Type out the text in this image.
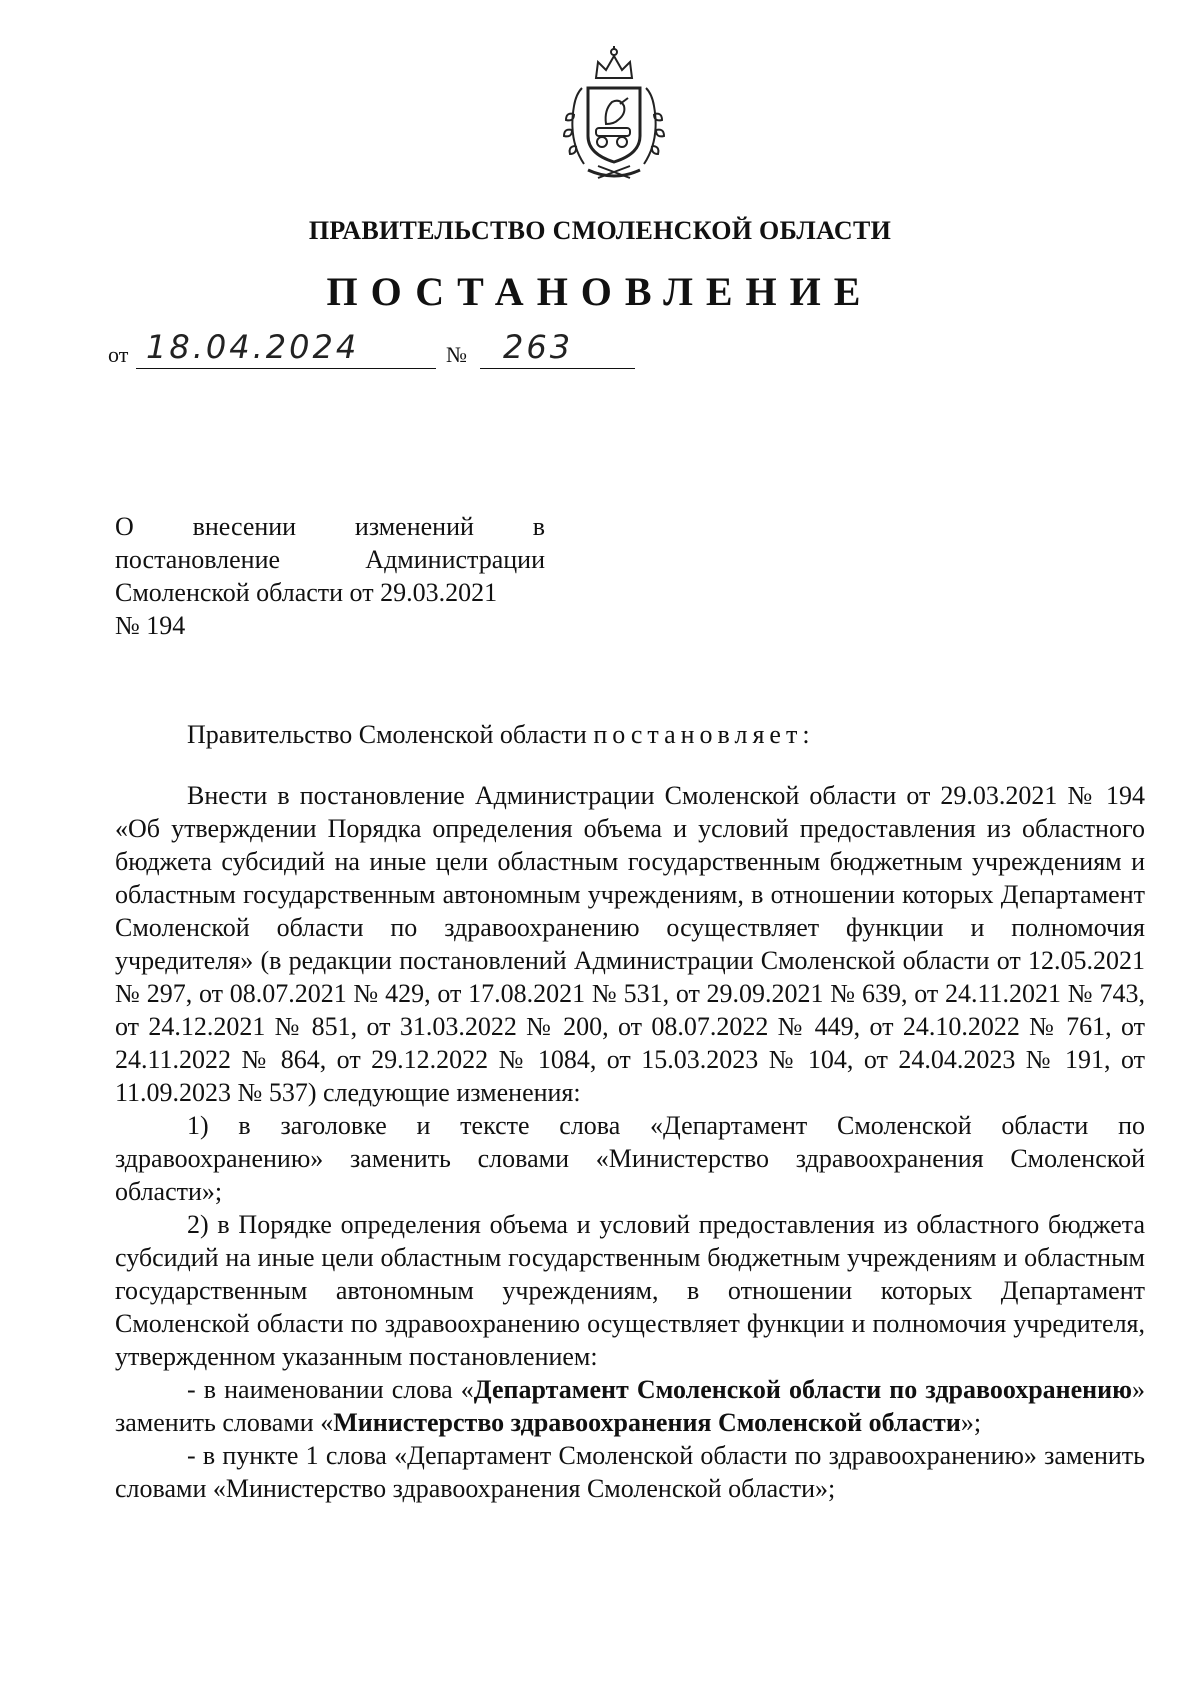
ПРАВИТЕЛЬСТВО СМОЛЕНСКОЙ ОБЛАСТИ
ПОСТАНОВЛЕНИЕ
от 18.04.2024	№ 263
О внесении изменений в
постановление Администрации
Смоленской области от 29.03.2021
№ 194

Правительство Смоленской области постановляет:

Внести в постановление Администрации Смоленской области от 29.03.2021 № 194 «Об утверждении Порядка определения объема и условий предоставления из областного бюджета субсидий на иные цели областным государственным бюджетным учреждениям и областным государственным автономным учреждениям, в отношении которых Департамент Смоленской области по здравоохранению осуществляет функции и полномочия учредителя» (в редакции постановлений Администрации Смоленской области от 12.05.2021 № 297, от 08.07.2021 № 429, от 17.08.2021 № 531, от 29.09.2021 № 639, от 24.11.2021 № 743, от 24.12.2021 № 851, от 31.03.2022 № 200, от 08.07.2022 № 449, от 24.10.2022 № 761, от 24.11.2022 № 864, от 29.12.2022 № 1084, от 15.03.2023 № 104, от 24.04.2023 № 191, от 11.09.2023 № 537) следующие изменения:

1) в заголовке и тексте слова «Департамент Смоленской области по здравоохранению» заменить словами «Министерство здравоохранения Смоленской области»;

2) в Порядке определения объема и условий предоставления из областного бюджета субсидий на иные цели областным государственным бюджетным учреждениям и областным государственным автономным учреждениям, в отношении которых Департамент Смоленской области по здравоохранению осуществляет функции и полномочия учредителя, утвержденном указанным постановлением:

- в наименовании слова «Департамент Смоленской области по здравоохранению» заменить словами «Министерство здравоохранения Смоленской области»;

- в пункте 1 слова «Департамент Смоленской области по здравоохранению» заменить словами «Министерство здравоохранения Смоленской области»;
